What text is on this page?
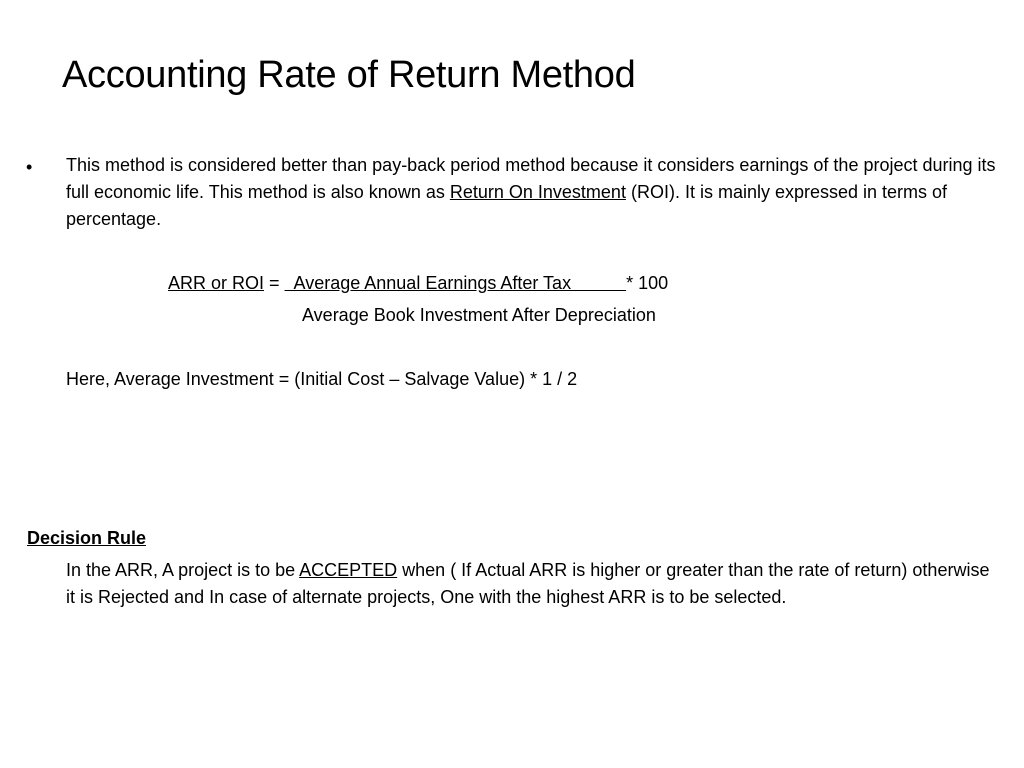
Accounting Rate of Return Method
• This method is considered better than pay-back period method because it considers earnings of the project during its full economic life. This method is also known as Return On Investment (ROI). It is mainly expressed in terms of percentage.

ARR or ROI =   Average Annual Earnings After Tax           * 100
Average Book Investment After Depreciation
Here, Average Investment = (Initial Cost – Salvage Value) * 1 / 2
Decision Rule

In the ARR, A project is to be ACCEPTED when ( If Actual ARR is higher or greater than the rate of return) otherwise it is Rejected and In case of alternate projects, One with the highest ARR is to be selected.
